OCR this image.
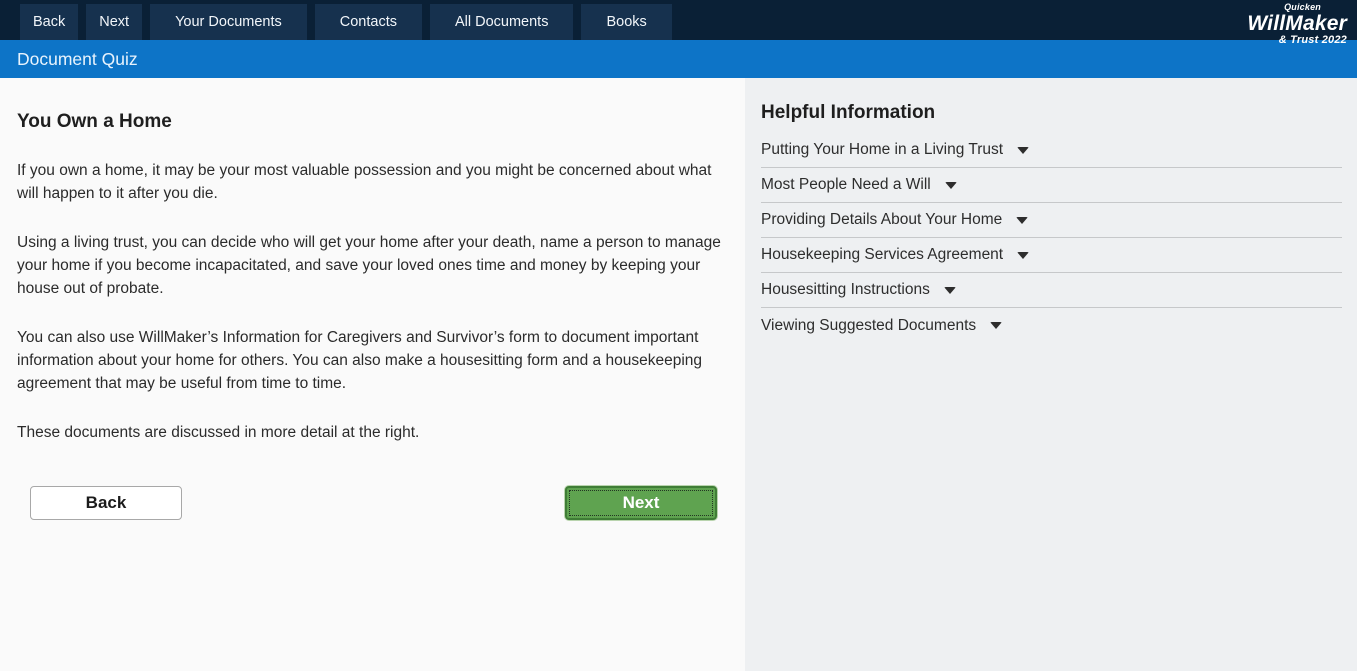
Back	Next	Your Documents	Contacts	All Documents	Books
Quicken
WillMaker
& Trust 2022
Document Quiz
You Own a Home

If you own a home, it may be your most valuable possession and you might be concerned about what will happen to it after you die.

Using a living trust, you can decide who will get your home after your death, name a person to manage your home if you become incapacitated, and save your loved ones time and money by keeping your house out of probate.

You can also use WillMaker’s Information for Caregivers and Survivor’s form to document important information about your home for others. You can also make a housesitting form and a housekeeping agreement that may be useful from time to time.

These documents are discussed in more detail at the right.

Back	Next
Helpful Information
Putting Your Home in a Living Trust
Most People Need a Will
Providing Details About Your Home
Housekeeping Services Agreement
Housesitting Instructions
Viewing Suggested Documents
